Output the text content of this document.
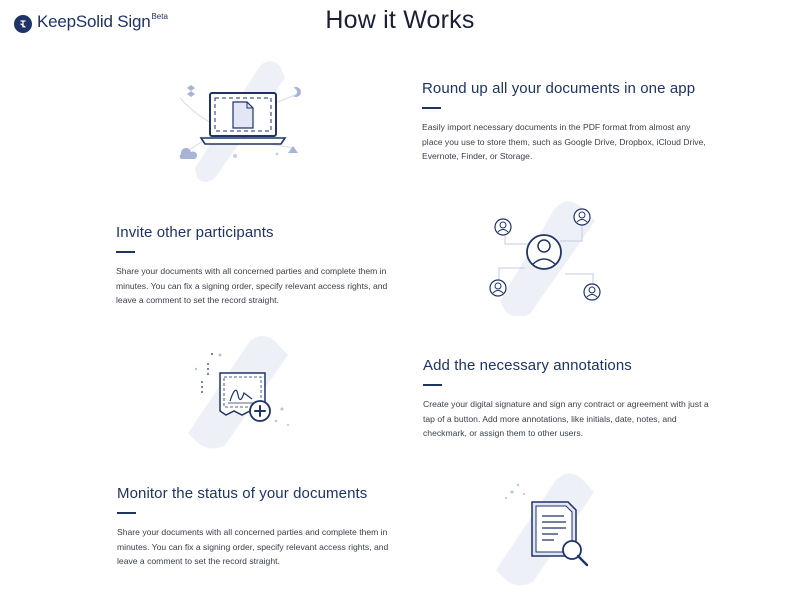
KeepSolid Sign Beta	How it Works
Round up all your documents in one app

Easily import necessary documents in the PDF format from almost any place you use to store them, such as Google Drive, Dropbox, iCloud Drive, Evernote, Finder, or Storage.

Invite other participants

Share your documents with all concerned parties and complete them in minutes. You can fix a signing order, specify relevant access rights, and leave a comment to set the record straight.

Add the necessary annotations

Create your digital signature and sign any contract or agreement with just a tap of a button. Add more annotations, like initials, date, notes, and checkmark, or assign them to other users.

Monitor the status of your documents

Share your documents with all concerned parties and complete them in minutes. You can fix a signing order, specify relevant access rights, and leave a comment to set the record straight.
